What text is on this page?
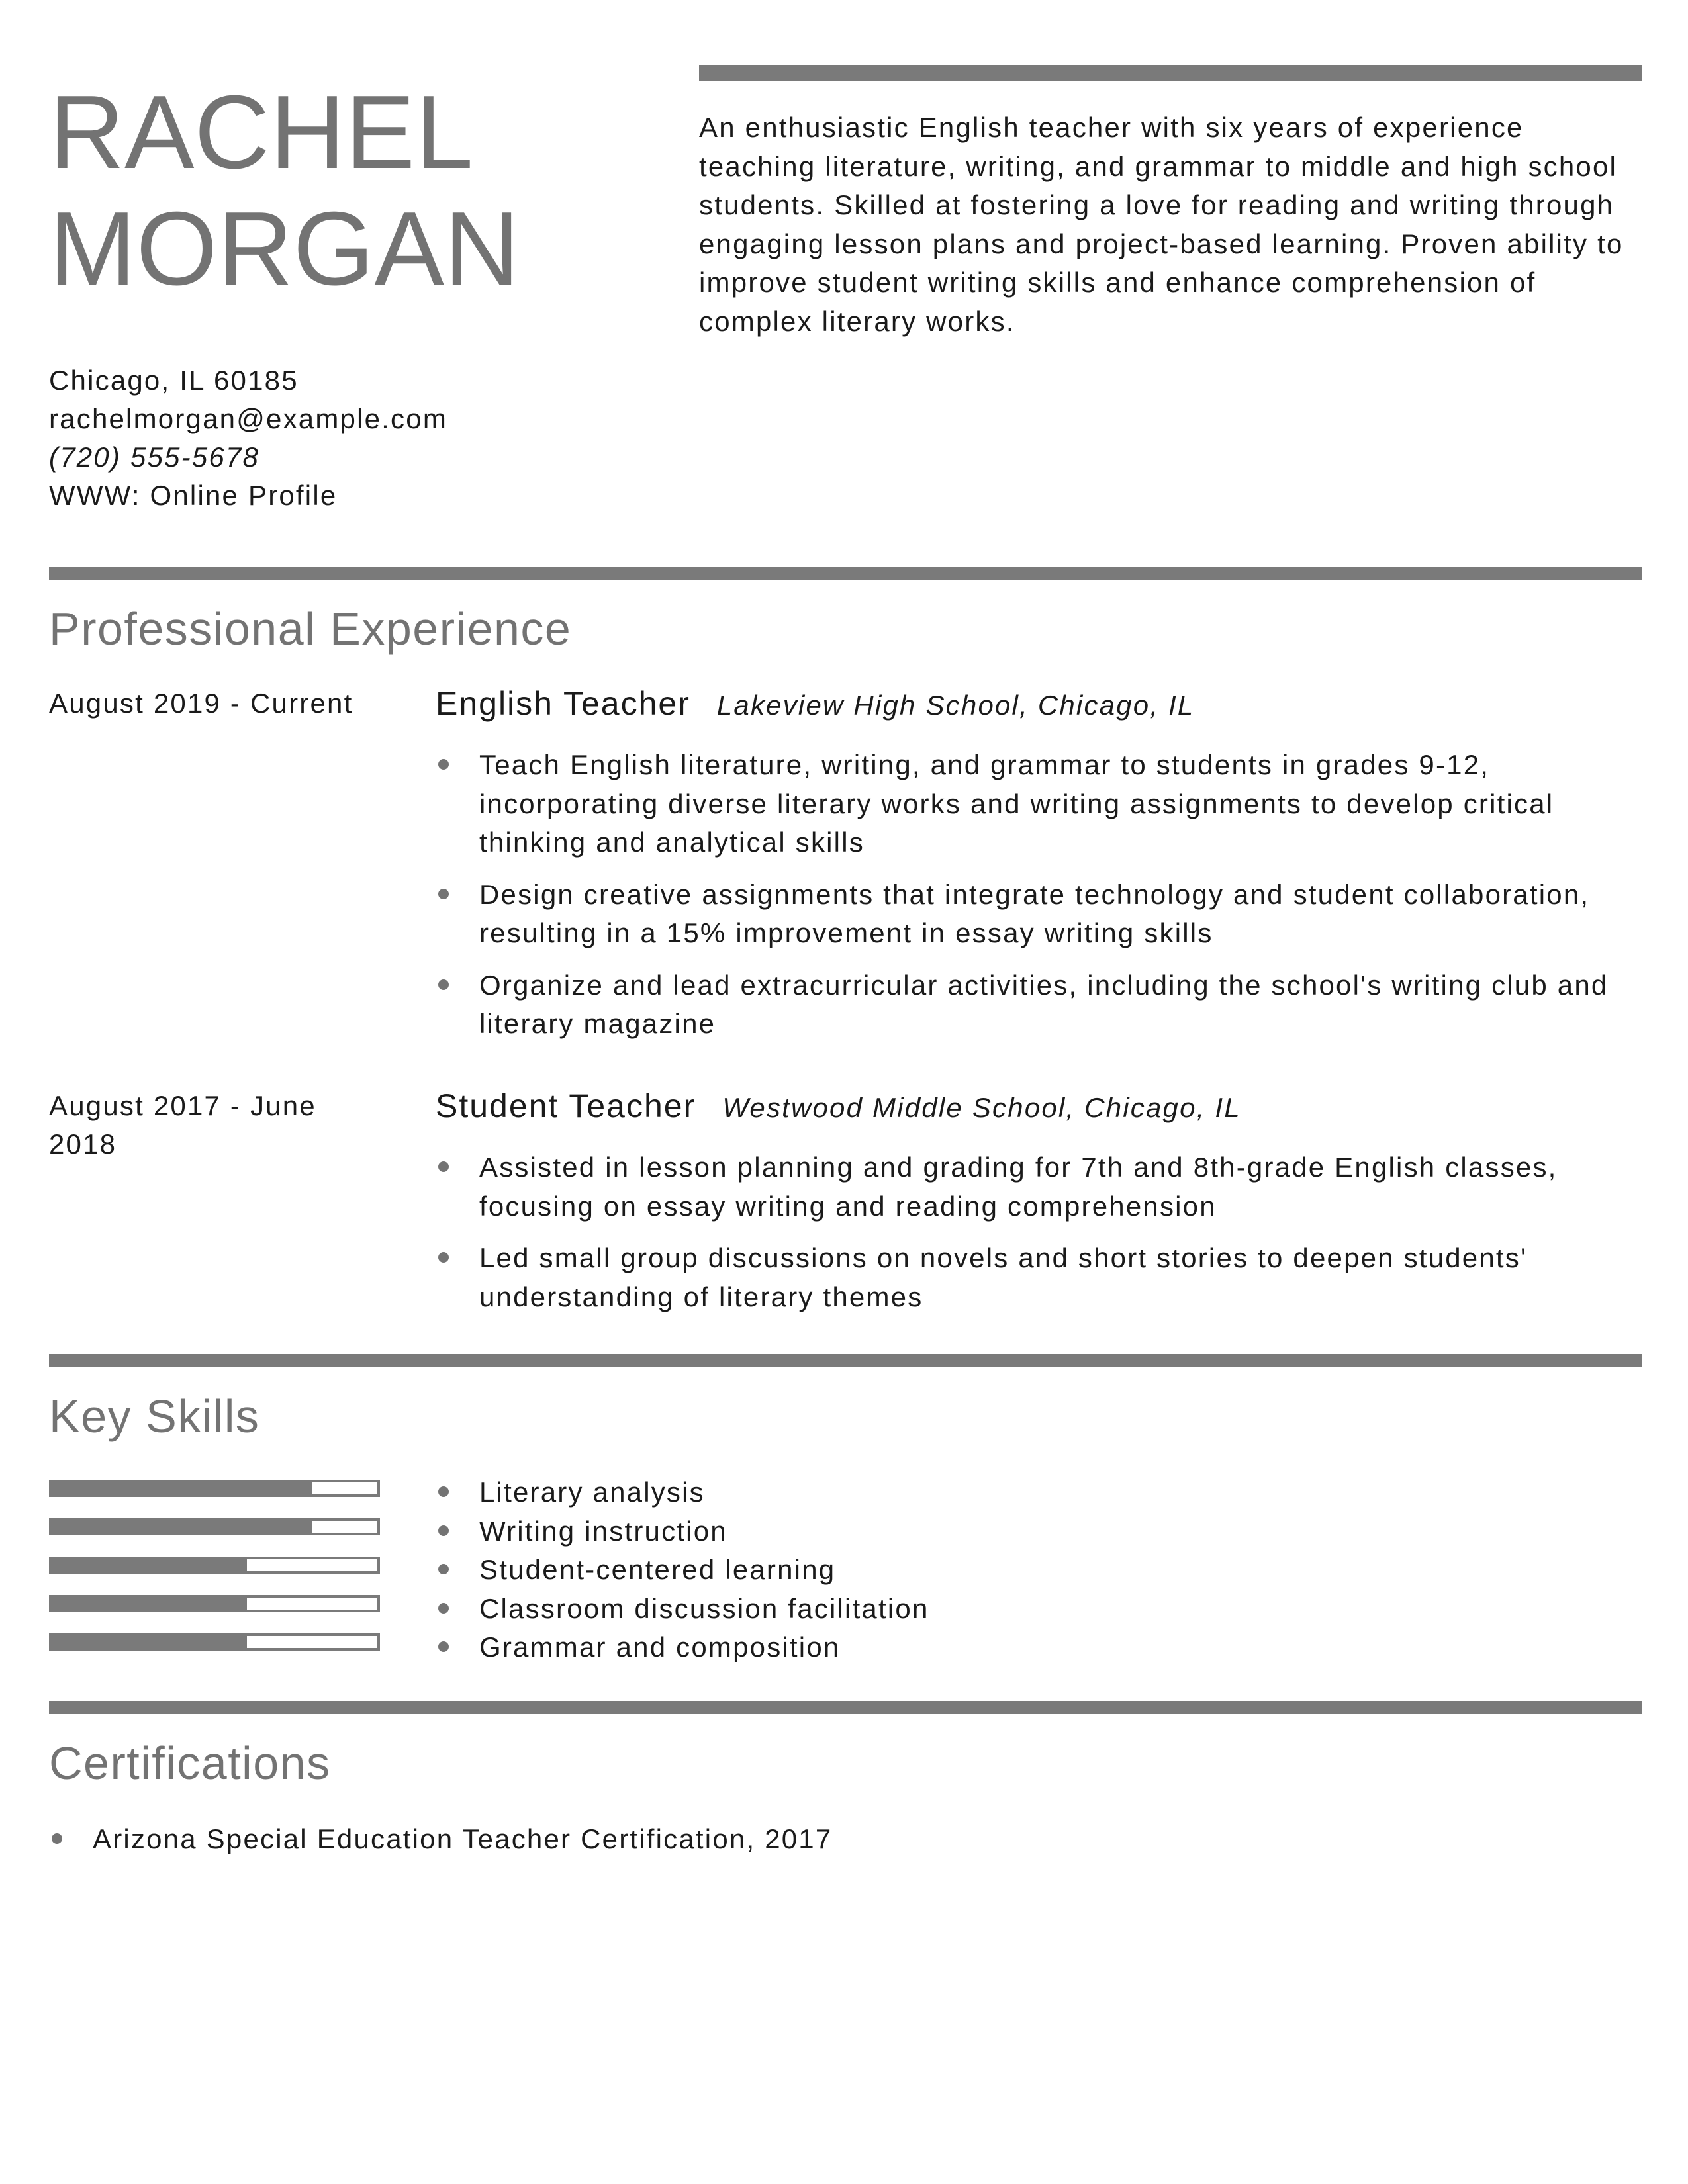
RACHEL
MORGAN

An enthusiastic English teacher with six years of experience teaching literature, writing, and grammar to middle and high school students. Skilled at fostering a love for reading and writing through engaging lesson plans and project-based learning. Proven ability to improve student writing skills and enhance comprehension of complex literary works.

Chicago, IL 60185
rachelmorgan@example.com
(720) 555-5678
WWW: Online Profile
Professional Experience
August 2019 - Current	English Teacher Lakeview High School, Chicago, IL
Teach English literature, writing, and grammar to students in grades 9-12, incorporating diverse literary works and writing assignments to develop critical thinking and analytical skills
Design creative assignments that integrate technology and student collaboration, resulting in a 15% improvement in essay writing skills
Organize and lead extracurricular activities, including the school's writing club and literary magazine
August 2017 - June 2018
Student Teacher Westwood Middle School, Chicago, IL
Assisted in lesson planning and grading for 7th and 8th-grade English classes, focusing on essay writing and reading comprehension
Led small group discussions on novels and short stories to deepen students' understanding of literary themes
Key Skills
Literary analysis
Writing instruction
Student-centered learning
Classroom discussion facilitation
Grammar and composition
Certifications
Arizona Special Education Teacher Certification, 2017
